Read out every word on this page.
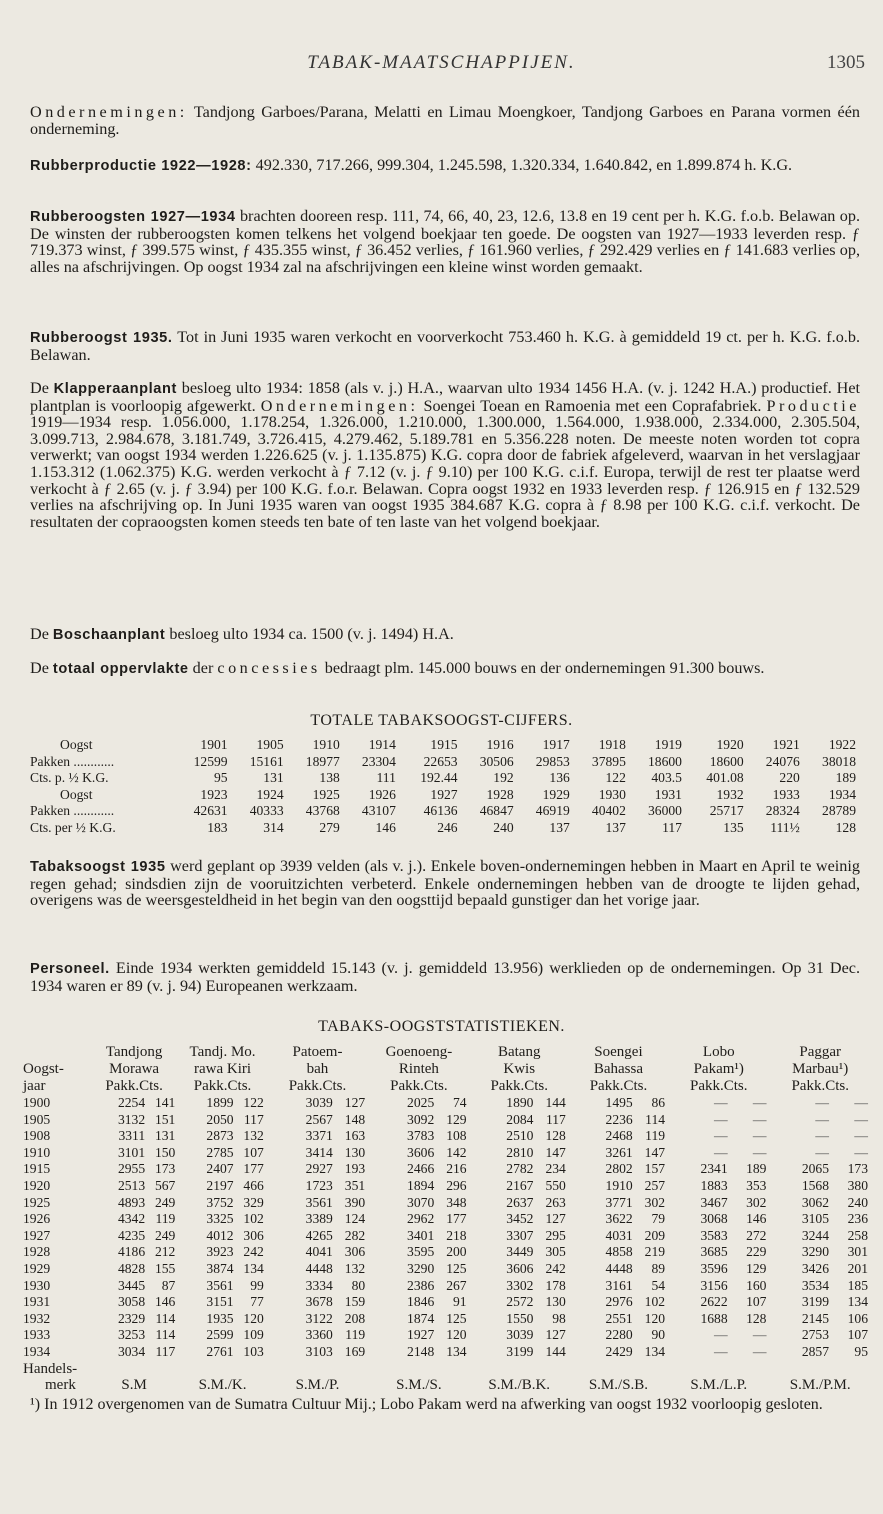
TABAK-MAATSCHAPPIJEN.	1305
Ondernemingen: Tandjong Garboes/Parana, Melatti en Limau Moengkoer, Tandjong Garboes en Parana vormen één onderneming.
Rubberproductie 1922—1928: 492.330, 717.266, 999.304, 1.245.598, 1.320.334, 1.640.842, en 1.899.874 h. K.G.
Rubberoogsten 1927—1934 brachten dooreen resp. 111, 74, 66, 40, 23, 12.6, 13.8 en 19 cent per h. K.G. f.o.b. Belawan op. De winsten der rubberoogsten komen telkens het volgend boekjaar ten goede. De oogsten van 1927—1933 leverden resp. ƒ 719.373 winst, ƒ 399.575 winst, ƒ 435.355 winst, ƒ 36.452 verlies, ƒ 161.960 verlies, ƒ 292.429 verlies en ƒ 141.683 verlies op, alles na afschrijvingen. Op oogst 1934 zal na afschrijvingen een kleine winst worden gemaakt.
Rubberoogst 1935. Tot in Juni 1935 waren verkocht en voorverkocht 753.460 h. K.G. à gemiddeld 19 ct. per h. K.G. f.o.b. Belawan.
De Klapperaanplant besloeg ulto 1934: 1858 (als v. j.) H.A., waarvan ulto 1934 1456 H.A. (v. j. 1242 H.A.) productief. Het plantplan is voorloopig afgewerkt. Ondernemingen: Soengei Toean en Ramoenia met een Coprafabriek. Productie 1919—1934 resp. 1.056.000, 1.178.254, 1.326.000, 1.210.000, 1.300.000, 1.564.000, 1.938.000, 2.334.000, 2.305.504, 3.099.713, 2.984.678, 3.181.749, 3.726.415, 4.279.462, 5.189.781 en 5.356.228 noten. De meeste noten worden tot copra verwerkt; van oogst 1934 werden 1.226.625 (v. j. 1.135.875) K.G. copra door de fabriek afgeleverd, waarvan in het verslagjaar 1.153.312 (1.062.375) K.G. werden verkocht à ƒ 7.12 (v. j. ƒ 9.10) per 100 K.G. c.i.f. Europa, terwijl de rest ter plaatse werd verkocht à ƒ 2.65 (v. j. ƒ 3.94) per 100 K.G. f.o.r. Belawan. Copra oogst 1932 en 1933 leverden resp. ƒ 126.915 en ƒ 132.529 verlies na afschrijving op. In Juni 1935 waren van oogst 1935 384.687 K.G. copra à ƒ 8.98 per 100 K.G. c.i.f. verkocht. De resultaten der copraoogsten komen steeds ten bate of ten laste van het volgend boekjaar.
De Boschaanplant besloeg ulto 1934 ca. 1500 (v. j. 1494) H.A.
De totaal oppervlakte der concessies bedraagt plm. 145.000 bouws en der ondernemingen 91.300 bouws.
TOTALE TABAKSOOGST-CIJFERS.
Oogst	1901	1905	1910	1914	1915	1916	1917	1918	1919	1920	1921	1922
Pakken ............	12599	15161	18977	23304	22653	30506	29853	37895	18600	18600	24076	38018
Cts. p. ½ K.G.	95	131	138	111	192.44	192	136	122	403.5	401.08	220	189
Oogst	1923	1924	1925	1926	1927	1928	1929	1930	1931	1932	1933	1934
Pakken ............	42631	40333	43768	43107	46136	46847	46919	40402	36000	25717	28324	28789
Cts. per ½ K.G.	183	314	279	146	246	240	137	137	117	135	111½	128
Tabaksoogst 1935 werd geplant op 3939 velden (als v. j.). Enkele boven-ondernemingen hebben in Maart en April te weinig regen gehad; sindsdien zijn de vooruitzichten verbeterd. Enkele ondernemingen hebben van de droogte te lijden gehad, overigens was de weersgesteldheid in het begin van den oogsttijd bepaald gunstiger dan het vorige jaar.
Personeel. Einde 1934 werkten gemiddeld 15.143 (v. j. gemiddeld 13.956) werklieden op de ondernemingen. Op 31 Dec. 1934 waren er 89 (v. j. 94) Europeanen werkzaam.
TABAKS-OOGSTSTATISTIEKEN.
	Tandjong		Tandj. Mo.		Patoem-		Goenoeng-		Batang		Soengei		Lobo		Paggar	
Oogst-	Morawa		rawa Kiri		bah		Rinteh		Kwis		Bahassa		Pakam¹)		Marbau¹)	
jaar	Pakk.Cts.		Pakk.Cts.		Pakk.Cts.		Pakk.Cts.		Pakk.Cts.		Pakk.Cts.		Pakk.Cts.		Pakk.Cts.	
1900	2254	141	1899	122	3039	127	2025	74	1890	144	1495	86	—	—	—	—
1905	3132	151	2050	117	2567	148	3092	129	2084	117	2236	114	—	—	—	—
1908	3311	131	2873	132	3371	163	3783	108	2510	128	2468	119	—	—	—	—
1910	3101	150	2785	107	3414	130	3606	142	2810	147	3261	147	—	—	—	—
1915	2955	173	2407	177	2927	193	2466	216	2782	234	2802	157	2341	189	2065	173
1920	2513	567	2197	466	1723	351	1894	296	2167	550	1910	257	1883	353	1568	380
1925	4893	249	3752	329	3561	390	3070	348	2637	263	3771	302	3467	302	3062	240
1926	4342	119	3325	102	3389	124	2962	177	3452	127	3622	79	3068	146	3105	236
1927	4235	249	4012	306	4265	282	3401	218	3307	295	4031	209	3583	272	3244	258
1928	4186	212	3923	242	4041	306	3595	200	3449	305	4858	219	3685	229	3290	301
1929	4828	155	3874	134	4448	132	3290	125	3606	242	4448	89	3596	129	3426	201
1930	3445	87	3561	99	3334	80	2386	267	3302	178	3161	54	3156	160	3534	185
1931	3058	146	3151	77	3678	159	1846	91	2572	130	2976	102	2622	107	3199	134
1932	2329	114	1935	120	3122	208	1874	125	1550	98	2551	120	1688	128	2145	106
1933	3253	114	2599	109	3360	119	1927	120	3039	127	2280	90	—	—	2753	107
1934	3034	117	2761	103	3103	169	2148	134	3199	144	2429	134	—	—	2857	95
Handels-																
merk	S.M		S.M./K.		S.M./P.		S.M./S.		S.M./B.K.		S.M./S.B.		S.M./L.P.		S.M./P.M.	
¹) In 1912 overgenomen van de Sumatra Cultuur Mij.; Lobo Pakam werd na afwerking van oogst 1932 voorloopig gesloten.																
